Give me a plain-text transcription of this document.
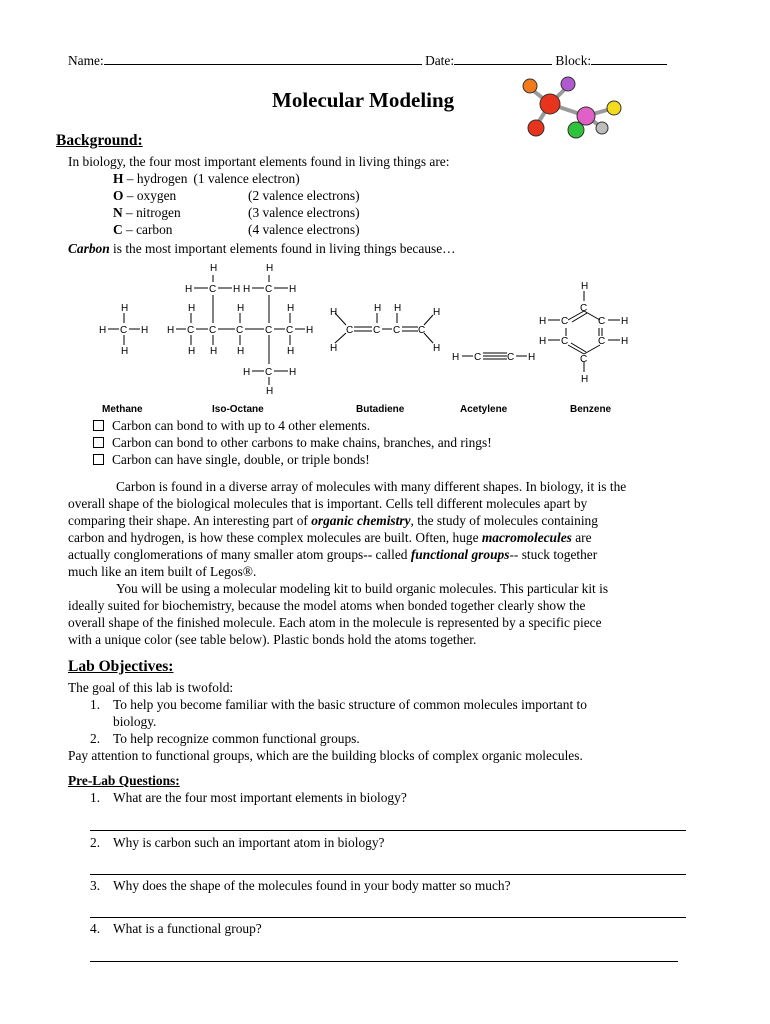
Name:	Date:	Block:
Molecular Modeling
Background:
In biology, the four most important elements found in living things are:
H – hydrogen (1 valence electron)
O – oxygen	(2 valence electrons)
N – nitrogen	(3 valence electrons)
C – carbon	(4 valence electrons)
Carbon is the most important elements found in living things because…
H
H C H
H
H	H
H C H H C H
H	H	H
H C C C C C H
H H H	H
H C H
H
H	H H	H
C C C C
H	H
H C	C H
H
C
H C	C H
H C	C H
C
H
Methane	Iso-Octane	Butadiene	Acetylene	Benzene
Carbon can bond to with up to 4 other elements.
Carbon can bond to other carbons to make chains, branches, and rings!
Carbon can have single, double, or triple bonds!
Carbon is found in a diverse array of molecules with many different shapes. In biology, it is the
overall shape of the biological molecules that is important. Cells tell different molecules apart by
comparing their shape. An interesting part of organic chemistry, the study of molecules containing
carbon and hydrogen, is how these complex molecules are built. Often, huge macromolecules are
actually conglomerations of many smaller atom groups-- called functional groups-- stuck together
much like an item built of Legos®.
You will be using a molecular modeling kit to build organic molecules. This particular kit is
ideally suited for biochemistry, because the model atoms when bonded together clearly show the
overall shape of the finished molecule. Each atom in the molecule is represented by a specific piece
with a unique color (see table below). Plastic bonds hold the atoms together.
Lab Objectives:
The goal of this lab is twofold:
1. To help you become familiar with the basic structure of common molecules important to
biology.
2. To help recognize common functional groups.
Pay attention to functional groups, which are the building blocks of complex organic molecules.
Pre-Lab Questions:
1. What are the four most important elements in biology?
2. Why is carbon such an important atom in biology?
3. Why does the shape of the molecules found in your body matter so much?
4. What is a functional group?
